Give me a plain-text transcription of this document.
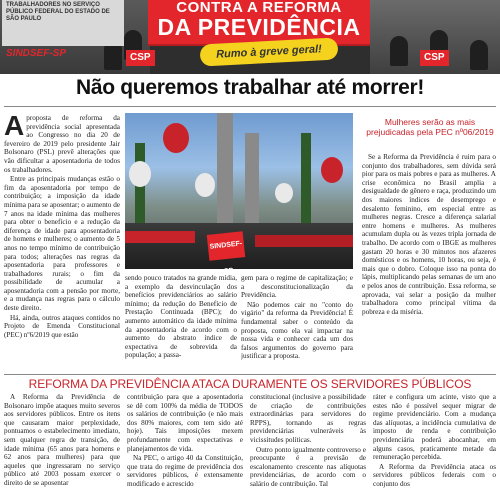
TRABALHADORES NO SERVIÇO PÚBLICO FEDERAL DO ESTADO DE SÃO PAULO
SINDSEF-SP	CSP
CONTRA A REFORMA
DA PREVIDÊNCIA
Rumo à greve geral!	CSP
Não queremos trabalhar até morrer!
A proposta de reforma da previdência social apresentada ao Congresso no dia 20 de fevereiro de 2019 pelo presidente Jair Bolsonaro (PSL) prevê alterações que vão dificultar a aposentadoria de todos os trabalhadores.

Entre as principais mudanças estão o fim da aposentadoria por tempo de contribuição; a imposição da idade mínima para se aposentar; o aumento de 7 anos na idade mínima das mulheres para obter o benefício e a redução da diferença de idade para aposentadoria de homens e mulheres; o aumento de 5 anos no tempo mínimo de contribuição para todos; alterações nas regras da aposentadoria para professores e trabalhadores rurais; o fim da possibilidade de acumular a aposentadoria com a pensão por morte, e a mudança nas regras para o cálculo deste direito.

Há, ainda, outros ataques contidos no Projeto de Emenda Constitucional (PEC) nº6/2019 que estão

SINDSEF-SP

sendo pouco tratados na grande mídia, a exemplo da desvinculação dos benefícios previdenciários ao salário mínimo; da redução do Benefício de Prestação Continuada (BPC); do aumento automático da idade mínima da aposentadoria de acordo com o aumento do abstrato índice de expectativa de sobrevida da população; a passa-

gem para o regime de capitalização; e a desconstitucionalização da Previdência.

Não podemos cair no "conto do vigário" da reforma da Previdência! É fundamental saber o conteúdo da proposta, como ela vai impactar na nossa vida e conhecer cada um dos falsos argumentos do governo para justificar a proposta.

Mulheres serão as mais prejudicadas pela PEC nº06/2019

Se a Reforma da Previdência é ruim para o conjunto dos trabalhadores, sem dúvida será pior para os mais pobres e para as mulheres. A crise econômica no Brasil amplia a desigualdade de gênero e raça, produzindo um dos maiores índices de desemprego e desalento feminino, em especial entre as mulheres negras. Cresce a diferença salarial entre homens e mulheres. As mulheres acumulam dupla ou às vezes tripla jornada de trabalho. De acordo com o IBGE as mulheres gastam 20 horas e 30 minutos nos afazeres domésticos e os homens, 10 horas, ou seja, é mais que o dobro. Coloque isso na ponta do lápis, multiplicando pelas semanas de um ano e pelos anos de contribuição. Essa reforma, se aprovada, vai selar a posição da mulher trabalhadora como principal vítima da pobreza e da miséria.

REFORMA DA PREVIDÊNCIA ATACA DURAMENTE OS SERVIDORES PÚBLICOS

A Reforma da Previdência de Bolsonaro impõe ataques muito severos aos servidores públicos. Entre os itens que causaram maior perplexidade, pontuamos o estabelecimento imediato, sem qualquer regra de transição, de idade mínima (65 anos para homens e 62 anos para mulheres) para que aqueles que ingressaram no serviço público até 2003 possam exercer o direito de se aposentar

contribuição para que a aposentadoria se dê com 100% da média de TODOS os salários de contribuição (e não mais dos 80% maiores, com tem sido até hoje). Tais imposições mexem profundamente com expectativas e planejamentos de vida.

Na PEC, o artigo 40 da Constituição, que trata do regime de previdência dos servidores públicos, é extensamente modificado e acrescido

constitucional (inclusive a possibilidade de criação de contribuições extraordinárias para servidores do RPPS), tornando as regras previdenciárias vulneráveis às vicissitudes políticas.

Outro ponto igualmente controverso e preocupante é a previsão de escalonamento crescente nas alíquotas previdenciárias, de acordo com o salário de contribuição. Tal

ráter e configura um acinte, visto que a estes não é possível sequer migrar de regime previdenciário. Com a mudança das alíquotas, a incidência cumulativa de imposto de renda e contribuição previdenciária poderá abocanhar, em alguns casos, praticamente metade da remuneração percebida.

A Reforma da Previdência ataca os servidores públicos federais com o conjunto dos
